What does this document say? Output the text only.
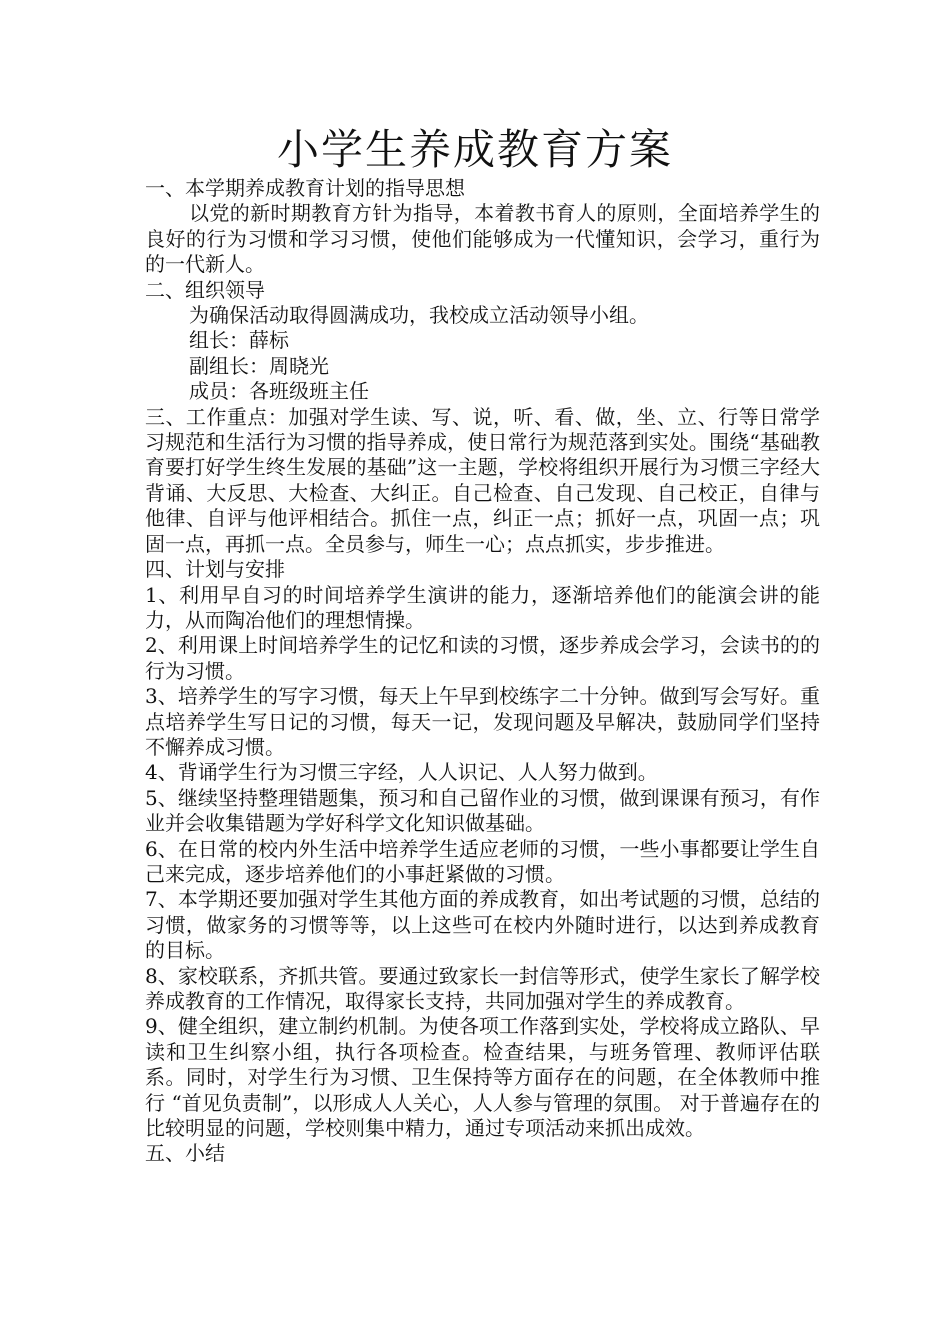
小学生养成教育方案

一、本学期养成教育计划的指导思想

以党的新时期教育方针为指导，本着教书育人的原则，全面培养学生的良好的行为习惯和学习习惯，使他们能够成为一代懂知识，会学习，重行为的一代新人。

二、组织领导

为确保活动取得圆满成功，我校成立活动领导小组。

组长：薛标

副组长：周晓光

成员：各班级班主任

三、工作重点：加强对学生读、写、说，听、看、做，坐、立、行等日常学习规范和生活行为习惯的指导养成，使日常行为规范落到实处。围绕“基础教育要打好学生终生发展的基础”这一主题，学校将组织开展行为习惯三字经大背诵、大反思、大检查、大纠正。自己检查、自己发现、自己校正，自律与他律、自评与他评相结合。抓住一点，纠正一点；抓好一点，巩固一点；巩固一点，再抓一点。全员参与，师生一心；点点抓实，步步推进。

四、计划与安排

1、利用早自习的时间培养学生演讲的能力，逐渐培养他们的能演会讲的能力，从而陶冶他们的理想情操。

2、利用课上时间培养学生的记忆和读的习惯，逐步养成会学习，会读书的的行为习惯。

3、培养学生的写字习惯，每天上午早到校练字二十分钟。做到写会写好。重点培养学生写日记的习惯，每天一记，发现问题及早解决，鼓励同学们坚持不懈养成习惯。

4、背诵学生行为习惯三字经，人人识记、人人努力做到。

5、继续坚持整理错题集，预习和自己留作业的习惯，做到课课有预习，有作业并会收集错题为学好科学文化知识做基础。

6、在日常的校内外生活中培养学生适应老师的习惯，一些小事都要让学生自己来完成，逐步培养他们的小事赶紧做的习惯。

7、本学期还要加强对学生其他方面的养成教育，如出考试题的习惯，总结的习惯，做家务的习惯等等，以上这些可在校内外随时进行，以达到养成教育的目标。

8、家校联系，齐抓共管。要通过致家长一封信等形式，使学生家长了解学校养成教育的工作情况，取得家长支持，共同加强对学生的养成教育。

9、健全组织，建立制约机制。为使各项工作落到实处，学校将成立路队、早读和卫生纠察小组，执行各项检查。检查结果，与班务管理、教师评估联系。同时，对学生行为习惯、卫生保持等方面存在的问题，在全体教师中推行 “首见负责制”，以形成人人关心，人人参与管理的氛围。 对于普遍存在的比较明显的问题，学校则集中精力，通过专项活动来抓出成效。

五、小结
